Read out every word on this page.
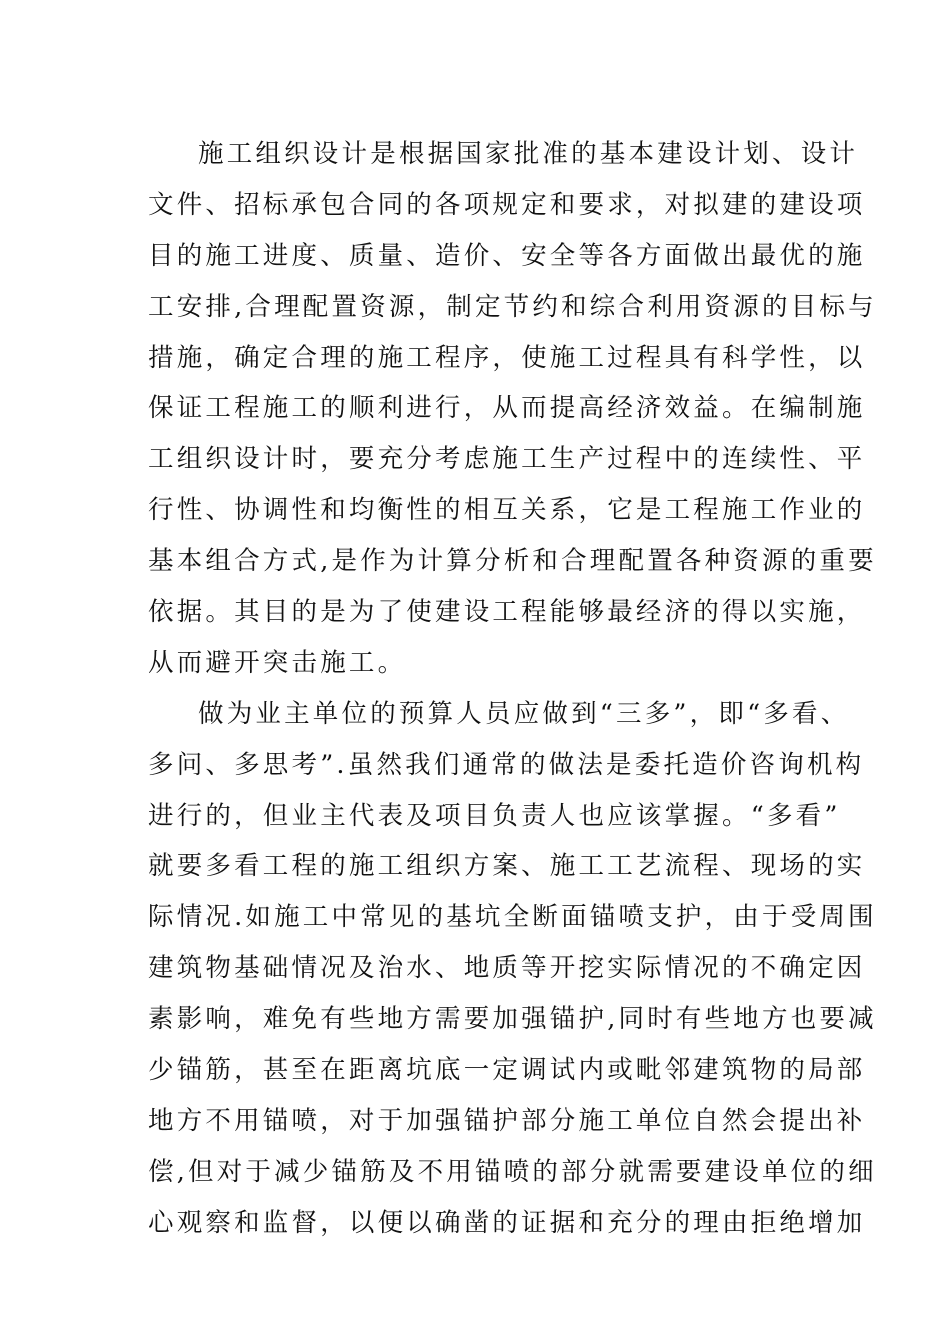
施工组织设计是根据国家批准的基本建设计划、设计
文件、招标承包合同的各项规定和要求，对拟建的建设项
目的施工进度、质量、造价、安全等各方面做出最优的施
工安排,合理配置资源，制定节约和综合利用资源的目标与
措施，确定合理的施工程序，使施工过程具有科学性，以
保证工程施工的顺利进行，从而提高经济效益。在编制施
工组织设计时，要充分考虑施工生产过程中的连续性、平
行性、协调性和均衡性的相互关系，它是工程施工作业的
基本组合方式,是作为计算分析和合理配置各种资源的重要
依据。其目的是为了使建设工程能够最经济的得以实施，
从而避开突击施工。
做为业主单位的预算人员应做到“三多”，即“多看、
多问、多思考”.虽然我们通常的做法是委托造价咨询机构
进行的，但业主代表及项目负责人也应该掌握。“多看”
就要多看工程的施工组织方案、施工工艺流程、现场的实
际情况.如施工中常见的基坑全断面锚喷支护，由于受周围
建筑物基础情况及治水、地质等开挖实际情况的不确定因
素影响，难免有些地方需要加强锚护,同时有些地方也要减
少锚筋，甚至在距离坑底一定调试内或毗邻建筑物的局部
地方不用锚喷，对于加强锚护部分施工单位自然会提出补
偿,但对于减少锚筋及不用锚喷的部分就需要建设单位的细
心观察和监督，以便以确凿的证据和充分的理由拒绝增加
